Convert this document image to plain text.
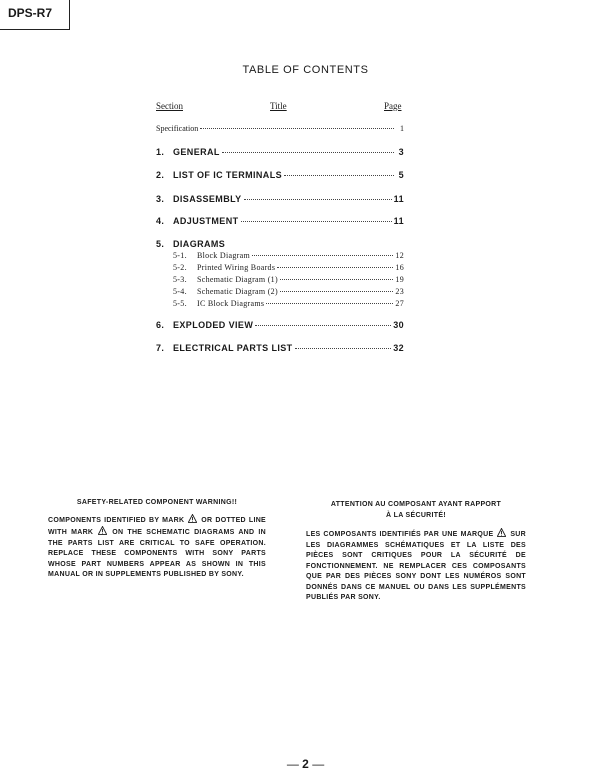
DPS-R7
TABLE OF CONTENTS
Section	Title	Page
Specification	1
1. GENERAL	3
2. LIST OF IC TERMINALS	5
3. DISASSEMBLY	11
4. ADJUSTMENT	11
5. DIAGRAMS
5-1.	Block Diagram	12
5-2.	Printed Wiring Boards	16
5-3.	Schematic Diagram (1)	19
5-4.	Schematic Diagram (2)	23
5-5.	IC Block Diagrams	27
6. EXPLODED VIEW	30
7. ELECTRICAL PARTS LIST	32
SAFETY-RELATED COMPONENT WARNING!!
COMPONENTS IDENTIFIED BY MARK OR DOTTED LINE WITH MARK	ON THE SCHEMATIC DIAGRAMS AND IN THE PARTS LIST ARE CRITICAL TO SAFE OPERATION. REPLACE THESE COMPONENTS WITH SONY PARTS WHOSE PART NUMBERS APPEAR AS SHOWN IN THIS MANUAL OR IN SUPPLEMENTS PUBLISHED BY SONY.
ATTENTION AU COMPOSANT AYANT RAPPORT
À LA SÉCURITÉ!
LES COMPOSANTS IDENTIFIÉS PAR UNE MARQUE SUR LES DIAGRAMMES SCHÉMATIQUES ET LA LISTE DES PIÈCES SONT CRITIQUES POUR LA SÉCURITÉ DE FONCTIONNEMENT. NE REMPLACER CES COMPOSANTS QUE PAR DES PIÈCES SONY DONT LES NUMÉROS SONT DONNÉS DANS CE MANUEL OU DANS LES SUPPLÉMENTS PUBLIÉS PAR SONY.
— 2 —
